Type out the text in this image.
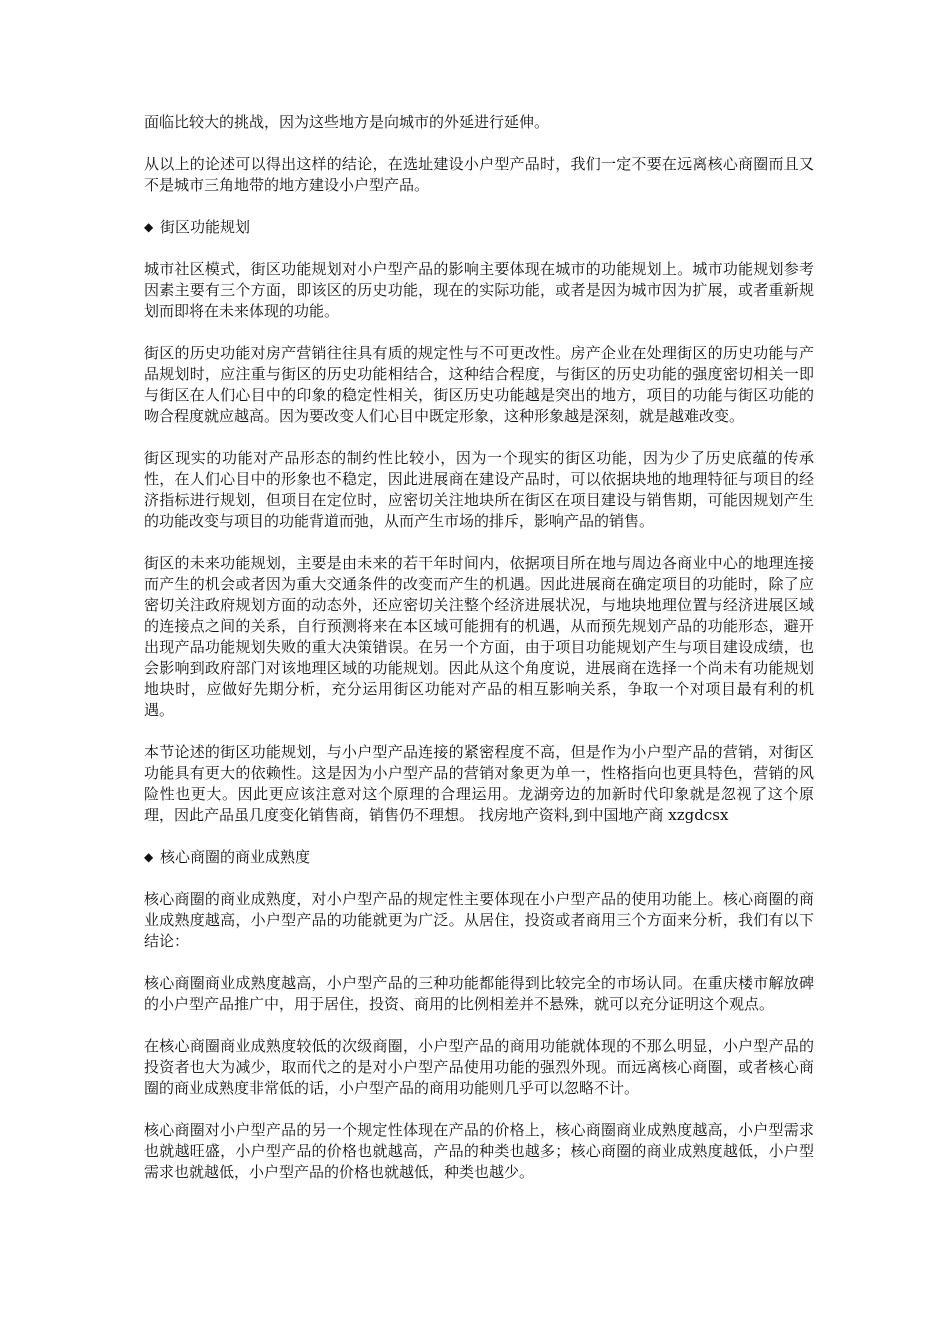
面临比较大的挑战，因为这些地方是向城市的外延进行延伸。

从以上的论述可以得出这样的结论，在选址建设小户型产品时，我们一定不要在远离核心商圈而且又不是城市三角地带的地方建设小户型产品。

◆ 街区功能规划

城市社区模式，街区功能规划对小户型产品的影响主要体现在城市的功能规划上。城市功能规划参考因素主要有三个方面，即该区的历史功能，现在的实际功能，或者是因为城市因为扩展，或者重新规划而即将在未来体现的功能。

街区的历史功能对房产营销往往具有质的规定性与不可更改性。房产企业在处理街区的历史功能与产品规划时，应注重与街区的历史功能相结合，这种结合程度，与街区的历史功能的强度密切相关一即与街区在人们心目中的印象的稳定性相关，街区历史功能越是突出的地方，项目的功能与街区功能的吻合程度就应越高。因为要改变人们心目中既定形象，这种形象越是深刻，就是越难改变。

街区现实的功能对产品形态的制约性比较小，因为一个现实的街区功能，因为少了历史底蕴的传承性，在人们心目中的形象也不稳定，因此进展商在建设产品时，可以依据块地的地理特征与项目的经济指标进行规划，但项目在定位时，应密切关注地块所在街区在项目建设与销售期，可能因规划产生的功能改变与项目的功能背道而弛，从而产生市场的排斥，影响产品的销售。

街区的未来功能规划，主要是由未来的若干年时间内，依据项目所在地与周边各商业中心的地理连接而产生的机会或者因为重大交通条件的改变而产生的机遇。因此进展商在确定项目的功能时，除了应密切关注政府规划方面的动态外，还应密切关注整个经济进展状况，与地块地理位置与经济进展区域的连接点之间的关系，自行预测将来在本区域可能拥有的机遇，从而预先规划产品的功能形态，避开出现产品功能规划失败的重大决策错误。在另一个方面，由于项目功能规划产生与项目建设成绩，也会影响到政府部门对该地理区域的功能规划。因此从这个角度说，进展商在选择一个尚未有功能规划地块时，应做好先期分析，充分运用街区功能对产品的相互影响关系，争取一个对项目最有利的机遇。

本节论述的街区功能规划，与小户型产品连接的紧密程度不高，但是作为小户型产品的营销，对街区功能具有更大的依赖性。这是因为小户型产品的营销对象更为单一，性格指向也更具特色，营销的风险性也更大。因此更应该注意对这个原理的合理运用。龙湖旁边的加新时代印象就是忽视了这个原理，因此产品虽几度变化销售商，销售仍不理想。 找房地产资料,到中国地产商 xzgdcsx

◆ 核心商圈的商业成熟度

核心商圈的商业成熟度，对小户型产品的规定性主要体现在小户型产品的使用功能上。核心商圈的商业成熟度越高，小户型产品的功能就更为广泛。从居住，投资或者商用三个方面来分析，我们有以下结论：

核心商圈商业成熟度越高，小户型产品的三种功能都能得到比较完全的市场认同。在重庆楼市解放碑的小户型产品推广中，用于居住，投资、商用的比例相差并不悬殊，就可以充分证明这个观点。

在核心商圈商业成熟度较低的次级商圈，小户型产品的商用功能就体现的不那么明显，小户型产品的投资者也大为减少，取而代之的是对小户型产品使用功能的强烈外现。而远离核心商圈，或者核心商圈的商业成熟度非常低的话，小户型产品的商用功能则几乎可以忽略不计。

核心商圈对小户型产品的另一个规定性体现在产品的价格上，核心商圈商业成熟度越高，小户型需求也就越旺盛，小户型产品的价格也就越高，产品的种类也越多；核心商圈的商业成熟度越低，小户型需求也就越低，小户型产品的价格也就越低，种类也越少。
